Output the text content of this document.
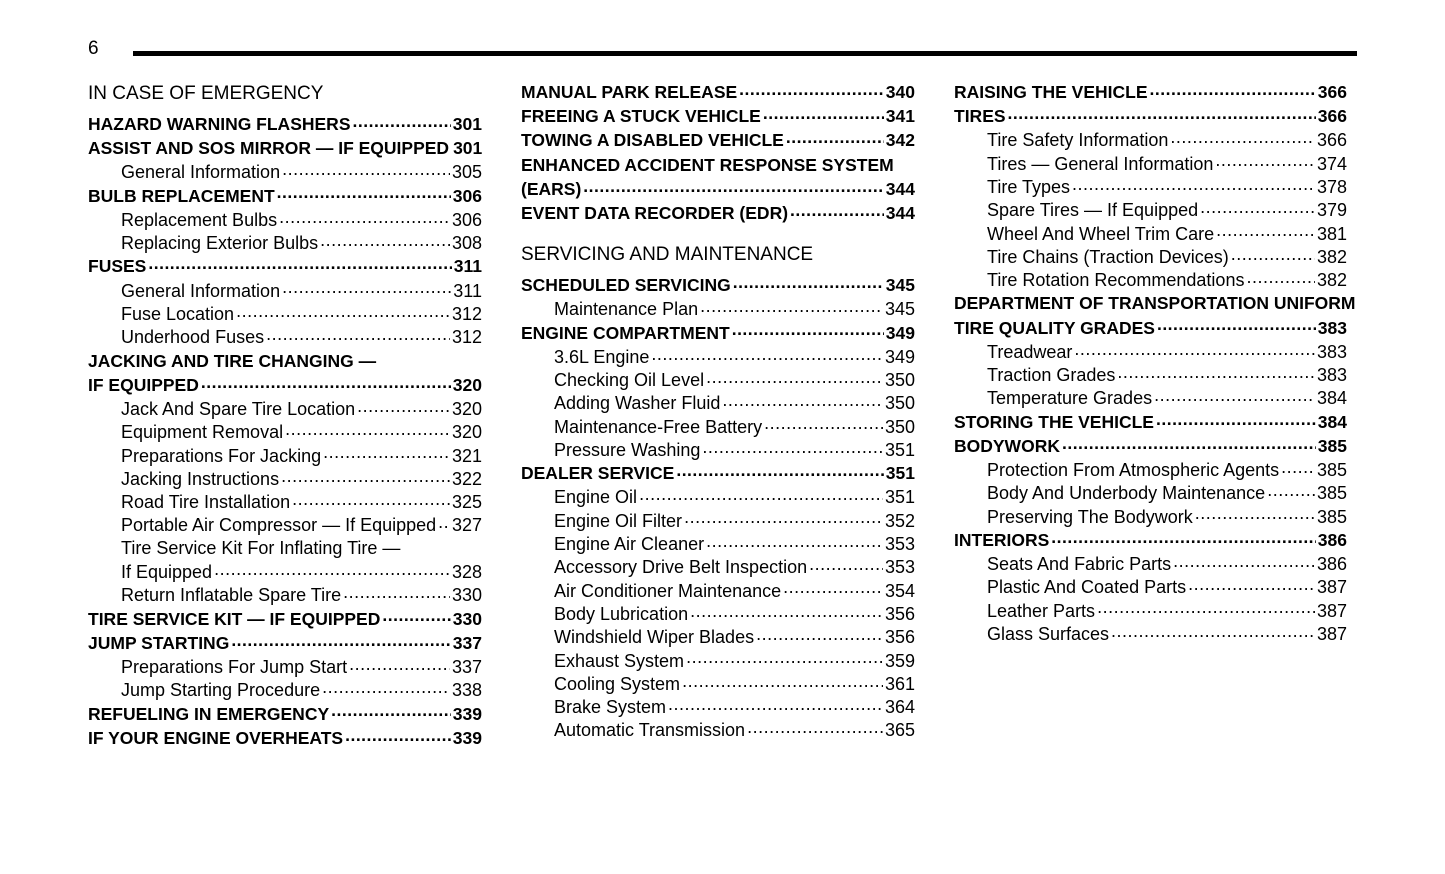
6
IN CASE OF EMERGENCY
HAZARD WARNING FLASHERS .....	301
ASSIST AND SOS MIRROR — IF EQUIPPED 301
General Information .....	305
BULB REPLACEMENT .....	306
Replacement Bulbs .....	306
Replacing Exterior Bulbs .....	308
FUSES .....	311
General Information .....	311
Fuse Location .....	312
Underhood Fuses .....	312
JACKING AND TIRE CHANGING —
IF EQUIPPED .....	320
Jack And Spare Tire Location .....	320
Equipment Removal .....	320
Preparations For Jacking .....	321
Jacking Instructions .....	322
Road Tire Installation .....	325
Portable Air Compressor — If Equipped ..... 327
Tire Service Kit For Inflating Tire —
If Equipped .....	328
Return Inflatable Spare Tire .....	330
TIRE SERVICE KIT — IF EQUIPPED .....	330
JUMP STARTING .....	337
Preparations For Jump Start .....	337
Jump Starting Procedure .....	338
REFUELING IN EMERGENCY .....	339
IF YOUR ENGINE OVERHEATS .....	339
MANUAL PARK RELEASE .....	340
FREEING A STUCK VEHICLE .....	341
TOWING A DISABLED VEHICLE .....	342
ENHANCED ACCIDENT RESPONSE SYSTEM
(EARS) .....	344
EVENT DATA RECORDER (EDR) .....	344
SERVICING AND MAINTENANCE
SCHEDULED SERVICING .....	345
Maintenance Plan .....	345
ENGINE COMPARTMENT .....	349
3.6L Engine .....	349
Checking Oil Level .....	350
Adding Washer Fluid .....	350
Maintenance-Free Battery .....	350
Pressure Washing .....	351
DEALER SERVICE .....	351
Engine Oil .....	351
Engine Oil Filter .....	352
Engine Air Cleaner .....	353
Accessory Drive Belt Inspection .....	353
Air Conditioner Maintenance .....	354
Body Lubrication .....	356
Windshield Wiper Blades .....	356
Exhaust System .....	359
Cooling System .....	361
Brake System .....	364
Automatic Transmission .....	365
RAISING THE VEHICLE .....	366
TIRES .....	366
Tire Safety Information .....	366
Tires — General Information .....	374
Tire Types .....	378
Spare Tires — If Equipped .....	379
Wheel And Wheel Trim Care .....	381
Tire Chains (Traction Devices) .....	382
Tire Rotation Recommendations .....	382
DEPARTMENT OF TRANSPORTATION UNIFORM
TIRE QUALITY GRADES .....	383
Treadwear .....	383
Traction Grades .....	383
Temperature Grades .....	384
STORING THE VEHICLE .....	384
BODYWORK .....	385
Protection From Atmospheric Agents ..... 385
Body And Underbody Maintenance .....	385
Preserving The Bodywork .....	385
INTERIORS .....	386
Seats And Fabric Parts .....	386
Plastic And Coated Parts .....	387
Leather Parts .....	387
Glass Surfaces .....	387
